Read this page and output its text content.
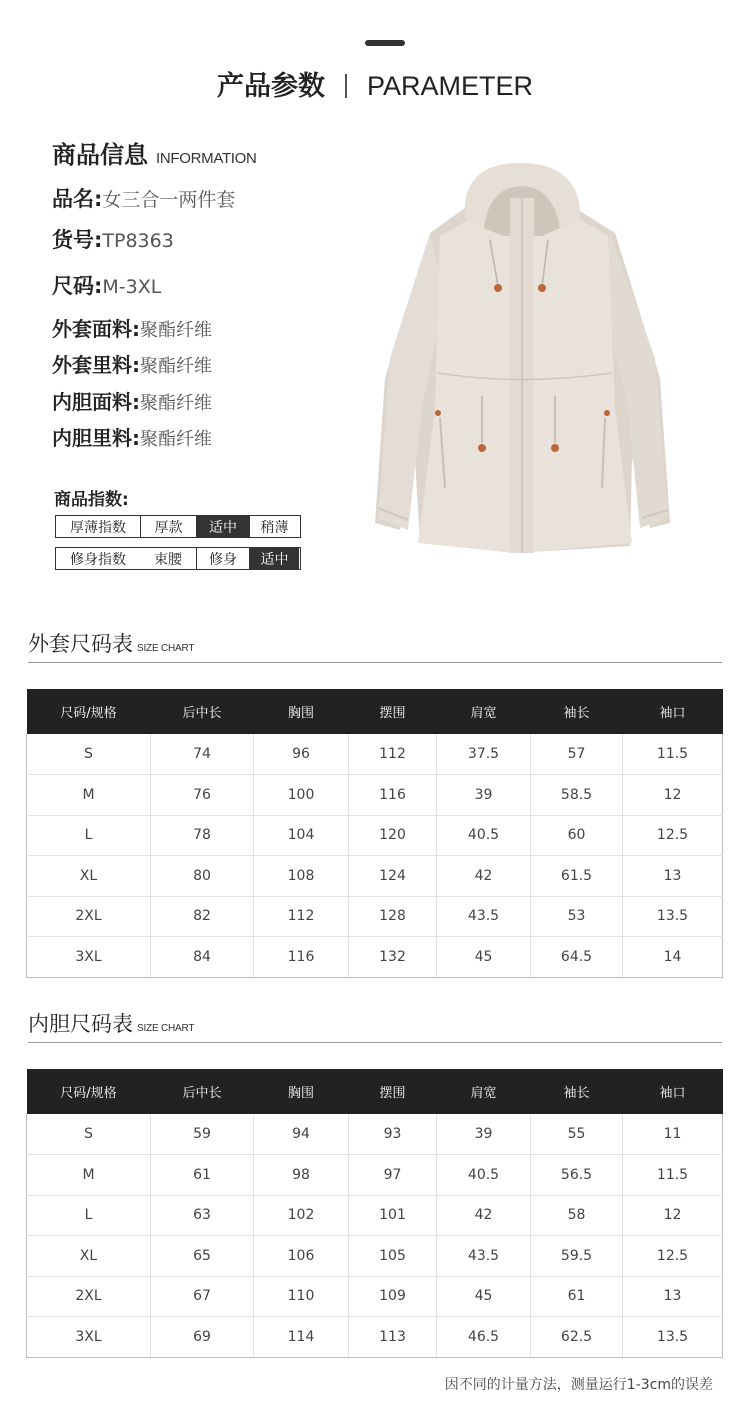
产品参数 PARAMETER
商品信息 INFORMATION
品名:女三合一两件套
货号:TP8363
尺码:M-3XL
外套面料:聚酯纤维
外套里料:聚酯纤维
内胆面料:聚酯纤维
内胆里料:聚酯纤维
商品指数:
厚薄指数	厚款	适中	稍薄
修身指数	束腰	修身	适中
外套尺码表 SIZE CHART
尺码/规格	后中长	胸围	摆围	肩宽	袖长	袖口
S	74	96	112	37.5	57	11.5
M	76	100	116	39	58.5	12
L	78	104	120	40.5	60	12.5
XL	80	108	124	42	61.5	13
2XL	82	112	128	43.5	53	13.5
3XL	84	116	132	45	64.5	14
内胆尺码表 SIZE CHART
尺码/规格	后中长	胸围	摆围	肩宽	袖长	袖口
S	59	94	93	39	55	11
M	61	98	97	40.5	56.5	11.5
L	63	102	101	42	58	12
XL	65	106	105	43.5	59.5	12.5
2XL	67	110	109	45	61	13
3XL	69	114	113	46.5	62.5	13.5
因不同的计量方法，测量运行1-3cm的误差
